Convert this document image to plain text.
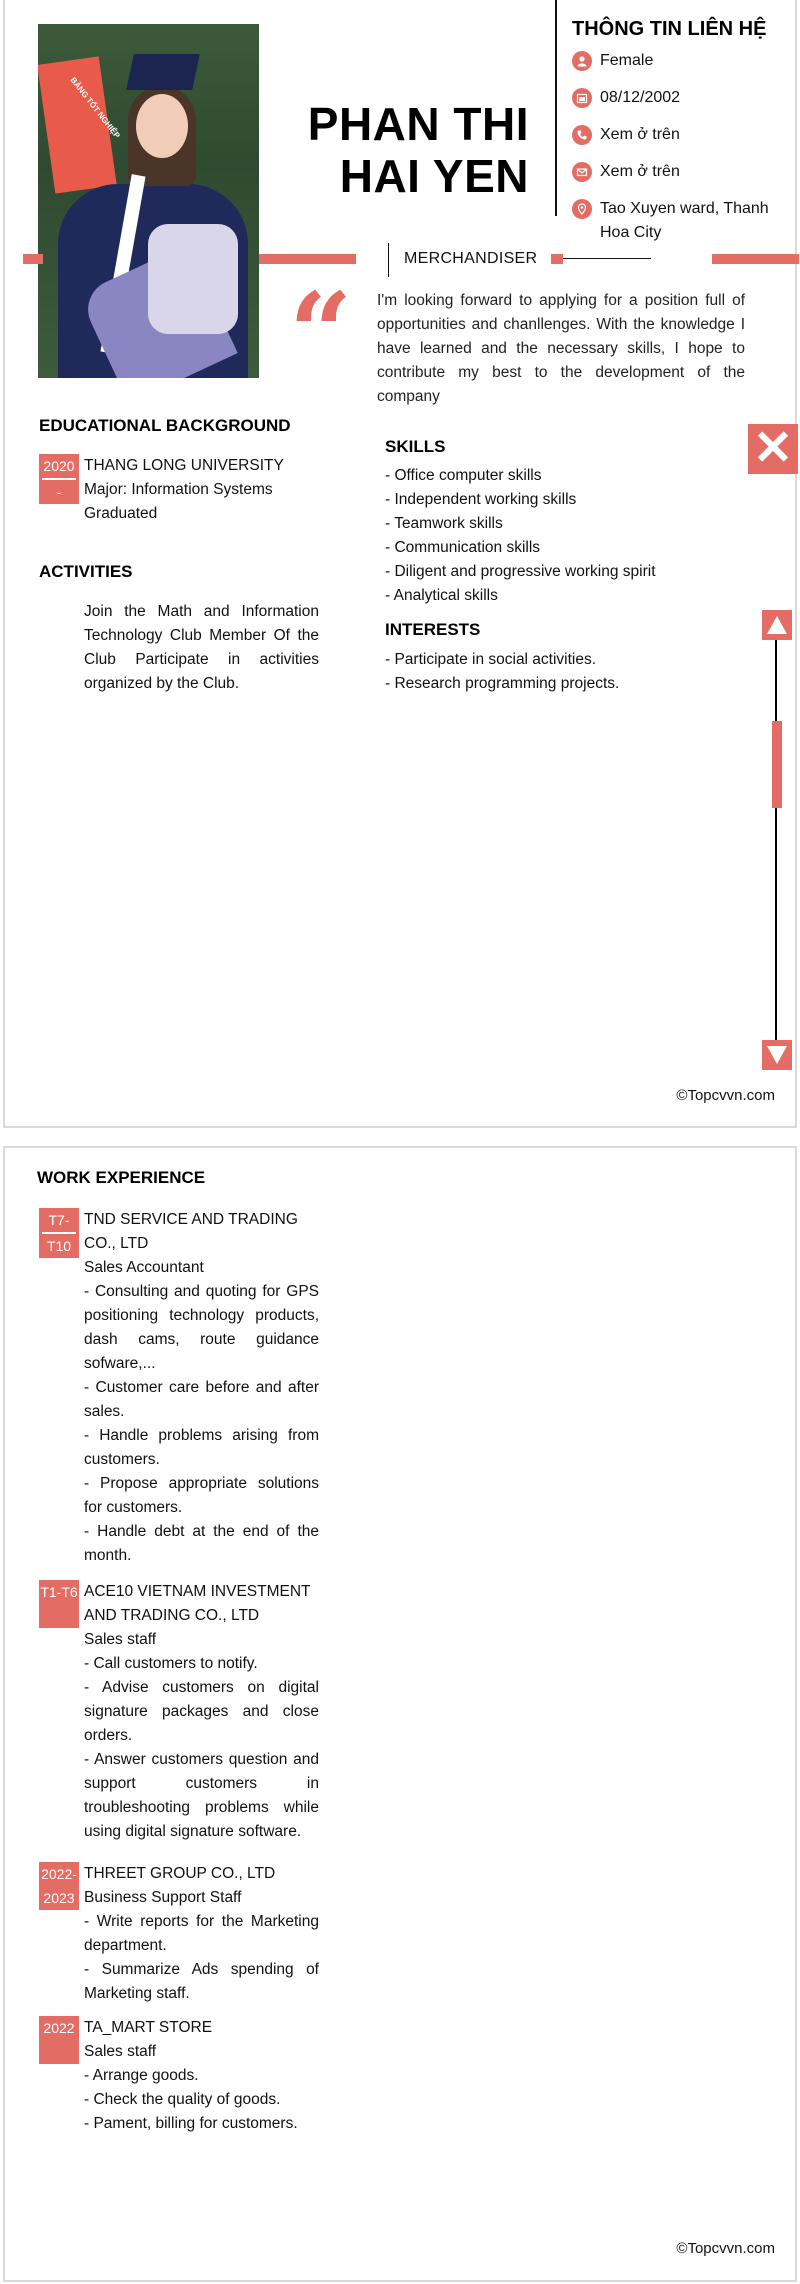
BẰNG TỐT NGHIỆP	PHAN THI
HAI YEN
THÔNG TIN LIÊN HỆ
Female
08/12/2002
Xem ở trên
Xem ở trên
Tao Xuyen ward, Thanh Hoa City
MERCHANDISER
“ I'm looking forward to applying for a position full of opportunities and chanllenges. With the knowledge I have learned and the necessary skills, I hope to contribute my best to the development of the company
EDUCATIONAL BACKGROUND
2020
-
THANG LONG UNIVERSITY
Major: Information Systems
Graduated
ACTIVITIES
Join the Math and Information Technology Club Member Of the Club Participate in activities organized by the Club.
SKILLS
- Office computer skills
- Independent working skills
- Teamwork skills
- Communication skills
- Diligent and progressive working spirit
- Analytical skills
INTERESTS
- Participate in social activities.
- Research programming projects.
✕
©Topcvvn.com
WORK EXPERIENCE
T7-
T10
TND SERVICE AND TRADING CO., LTD
Sales Accountant
- Consulting and quoting for GPS positioning technology products, dash cams, route guidance sofware,...
- Customer care before and after sales.
- Handle problems arising from customers.
- Propose appropriate solutions for customers.
- Handle debt at the end of the month.
T1-T6 ACE10 VIETNAM INVESTMENT AND TRADING CO., LTD
Sales staff
- Call customers to notify.
- Advise customers on digital signature packages and close orders.
- Answer customers question and support customers in troubleshooting problems while using digital signature software.
2022-
2023
THREET GROUP CO., LTD
Business Support Staff
- Write reports for the Marketing department.
- Summarize Ads spending of Marketing staff.
2022 TA_MART STORE
Sales staff
- Arrange goods.
- Check the quality of goods.
- Pament, billing for customers.
©Topcvvn.com
